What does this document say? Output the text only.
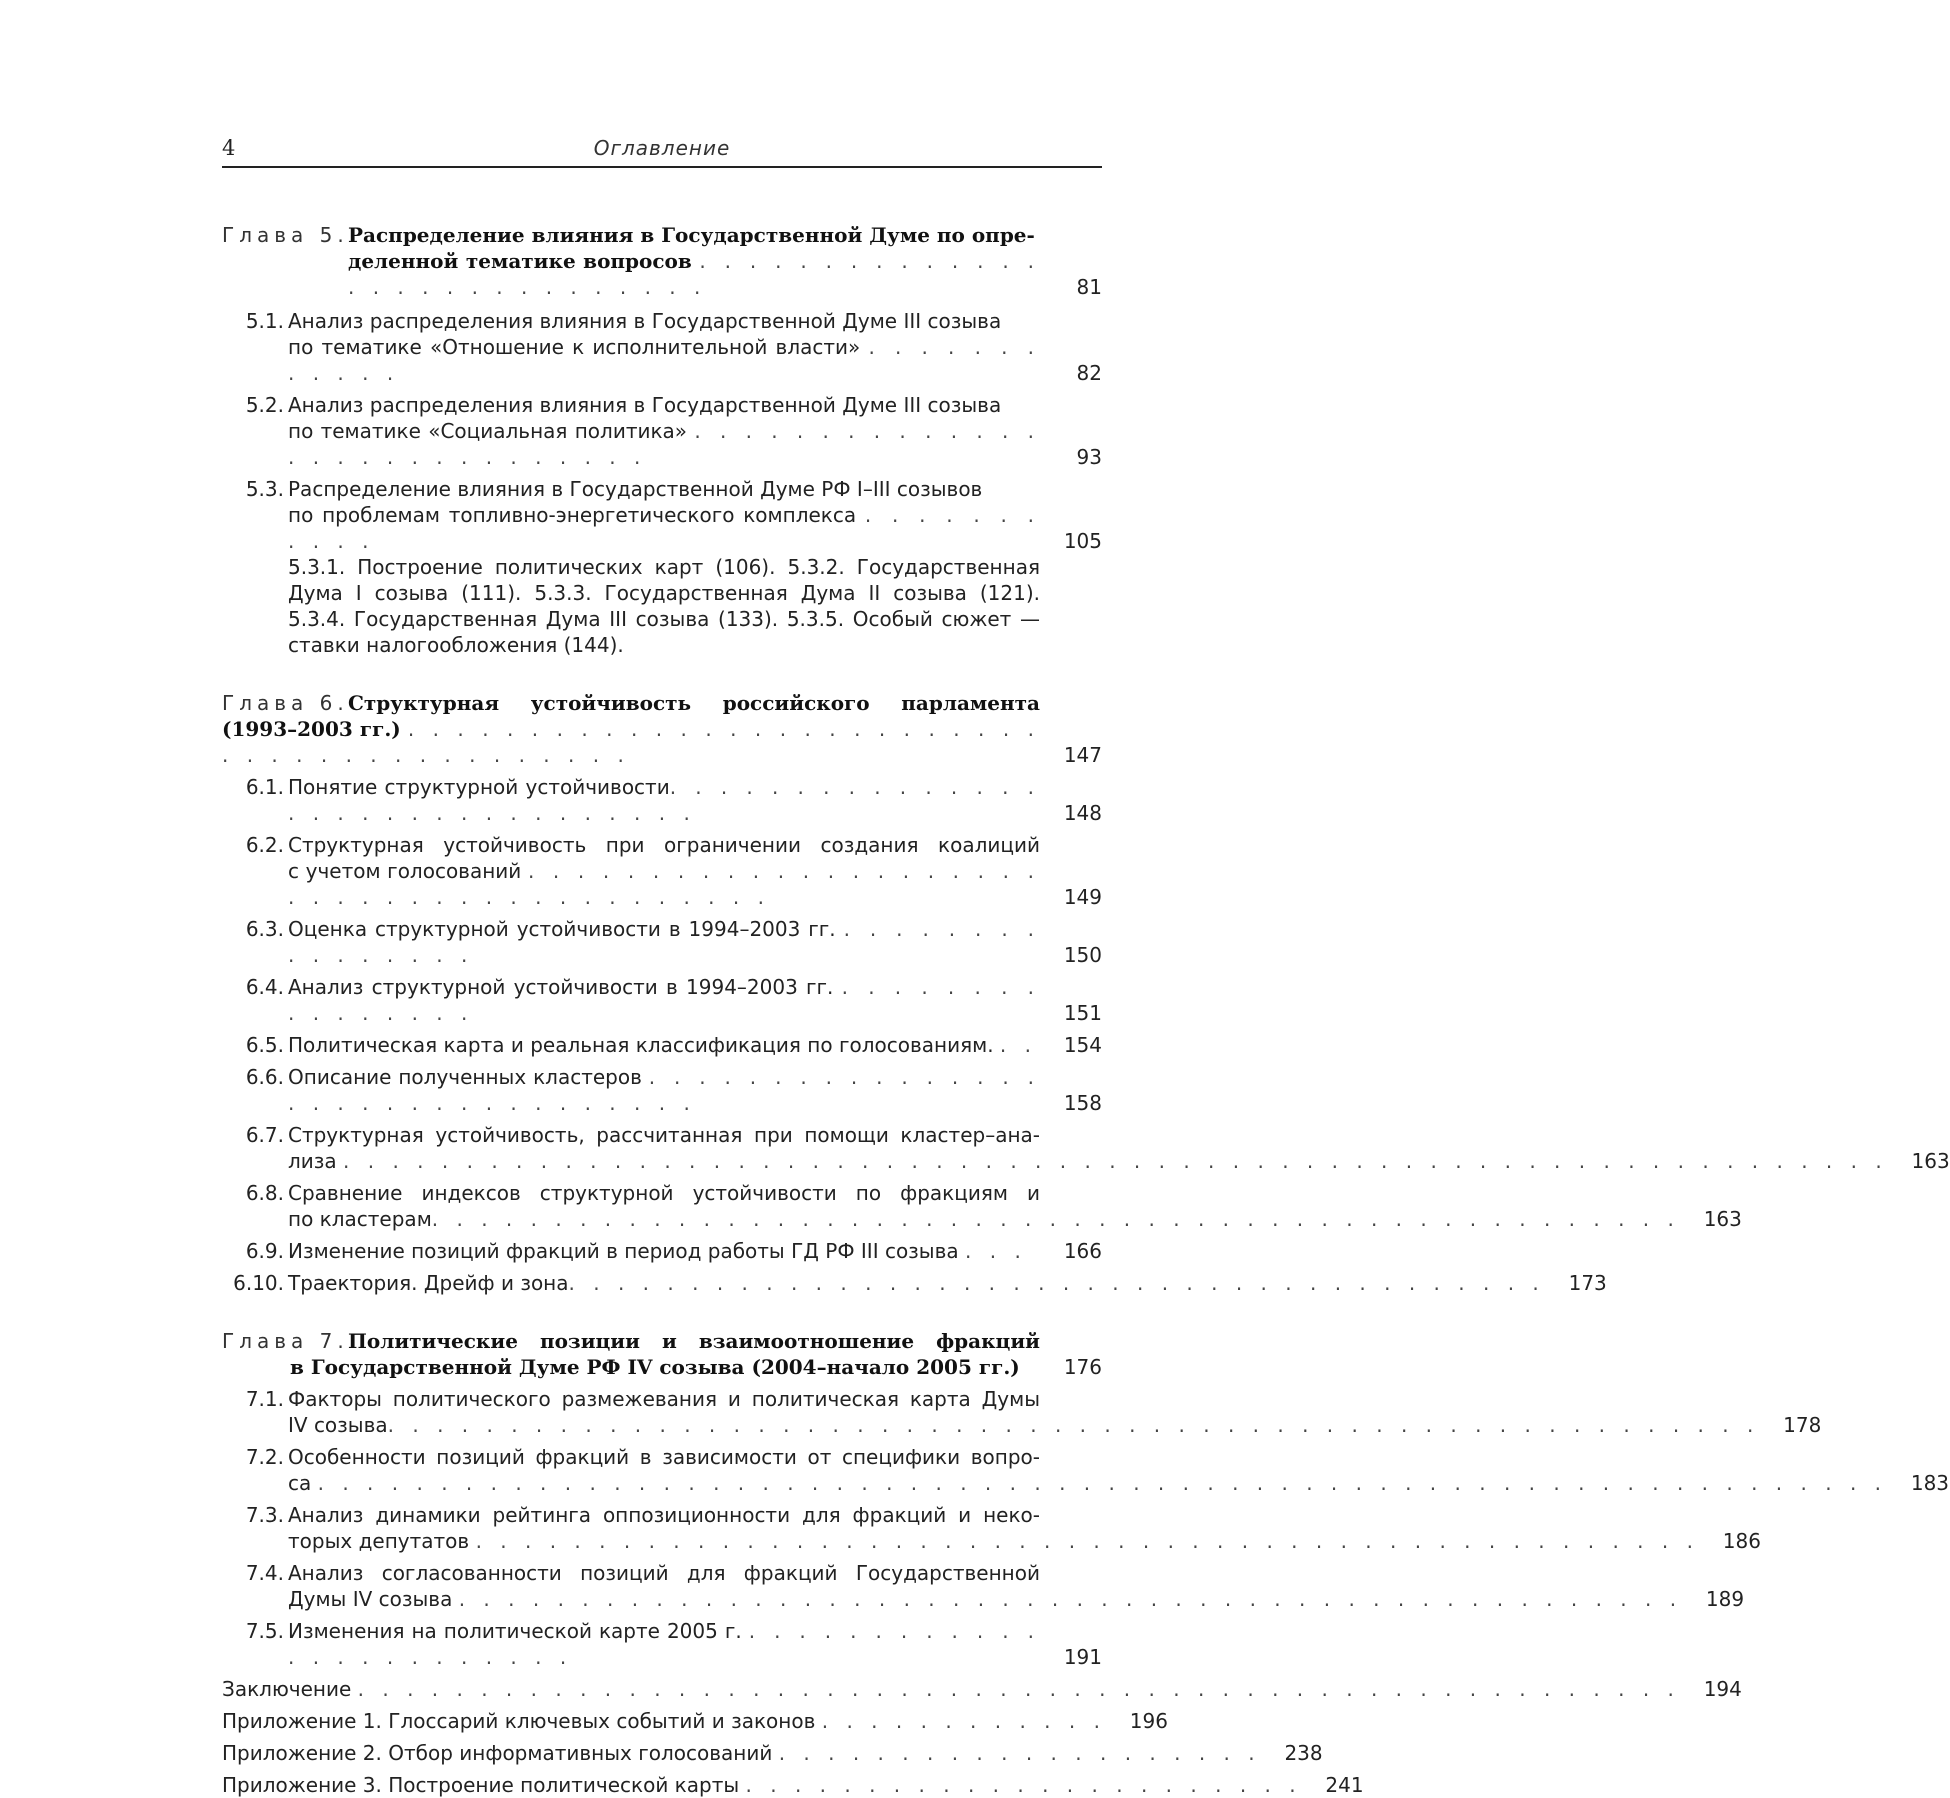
4	Оглавление
Глава 5. Распределение влияния в Государственной Думе по опре-
деленной тематике вопросов . . . . . . . . . . . . . . . . . . . . . . . . . . . . .	81
5.1. Анализ распределения влияния в Государственной Думе III созыва
по тематике «Отношение к исполнительной власти» . . . . . . . . . . . .	82
5.2. Анализ распределения влияния в Государственной Думе III созыва
по тематике «Социальная политика» . . . . . . . . . . . . . . . . . . . . . . . . . . . . .	93
5.3. Распределение влияния в Государственной Думе РФ I–III созывов
по проблемам топливно-энергетического комплекса . . . . . . . . . . .	105
5.3.1. Построение политических карт (106). 5.3.2. Государственная Дума I созыва (111). 5.3.3. Государственная Дума II созыва (121). 5.3.4. Государственная Дума III созыва (133). 5.3.5. Особый сюжет — ставки налогообложения (144).
Глава 6. Структурная устойчивость российского парламента
(1993–2003 гг.) . . . . . . . . . . . . . . . . . . . . . . . . . . . . . . . . . . . . . . . . . . .	147
6.1. Понятие структурной устойчивости. . . . . . . . . . . . . . . . . . . . . . . . . . . . . . . .	148
6.2. Структурная устойчивость при ограничении создания коалиций
с учетом голосований . . . . . . . . . . . . . . . . . . . . . . . . . . . . . . . . . . . . . . . . .	149
6.3. Оценка структурной устойчивости в 1994–2003 гг. . . . . . . . . . . . . . . . .	150
6.4. Анализ структурной устойчивости в 1994–2003 гг. . . . . . . . . . . . . . . . .	151
6.5. Политическая карта и реальная классификация по голосованиям. . .	154
6.6. Описание полученных кластеров . . . . . . . . . . . . . . . . . . . . . . . . . . . . . . . . .	158
6.7. Структурная устойчивость, рассчитанная при помощи кластер–ана-
лиза . . . . . . . . . . . . . . . . . . . . . . . . . . . . . . . . . . . . . . . . . . . . . . . . . . . . . . . . . . . . . . .	163
6.8. Сравнение индексов структурной устойчивости по фракциям и
по кластерам. . . . . . . . . . . . . . . . . . . . . . . . . . . . . . . . . . . . . . . . . . . . . . . . . . .	163
6.9. Изменение позиций фракций в период работы ГД РФ III созыва . . .	166
6.10. Траектория. Дрейф и зона. . . . . . . . . . . . . . . . . . . . . . . . . . . . . . . . . . . . . . . .	173
Глава 7. Политические позиции и взаимоотношение фракций
в Государственной Думе РФ IV созыва (2004–начало 2005 гг.)	176
7.1. Факторы политического размежевания и политическая карта Думы
IV созыва. . . . . . . . . . . . . . . . . . . . . . . . . . . . . . . . . . . . . . . . . . . . . . . . . . . . . . . .	178
7.2. Особенности позиций фракций в зависимости от специфики вопро-
са . . . . . . . . . . . . . . . . . . . . . . . . . . . . . . . . . . . . . . . . . . . . . . . . . . . . . . . . . . . . . . . .	183
7.3. Анализ динамики рейтинга оппозиционности для фракций и неко-
торых депутатов . . . . . . . . . . . . . . . . . . . . . . . . . . . . . . . . . . . . . . . . . . . . . . . . . .	186
7.4. Анализ согласованности позиций для фракций Государственной
Думы IV созыва . . . . . . . . . . . . . . . . . . . . . . . . . . . . . . . . . . . . . . . . . . . . . . . . . .	189
7.5. Изменения на политической карте 2005 г. . . . . . . . . . . . . . . . . . . . . . . . .	191
Заключение . . . . . . . . . . . . . . . . . . . . . . . . . . . . . . . . . . . . . . . . . . . . . . . . . . . . . .	194
Приложение 1. Глоссарий ключевых событий и законов . . . . . . . . . . . .	196
Приложение 2. Отбор информативных голосований . . . . . . . . . . . . . . . . . . . .	238
Приложение 3. Построение политической карты . . . . . . . . . . . . . . . . . . . . . . .	241
